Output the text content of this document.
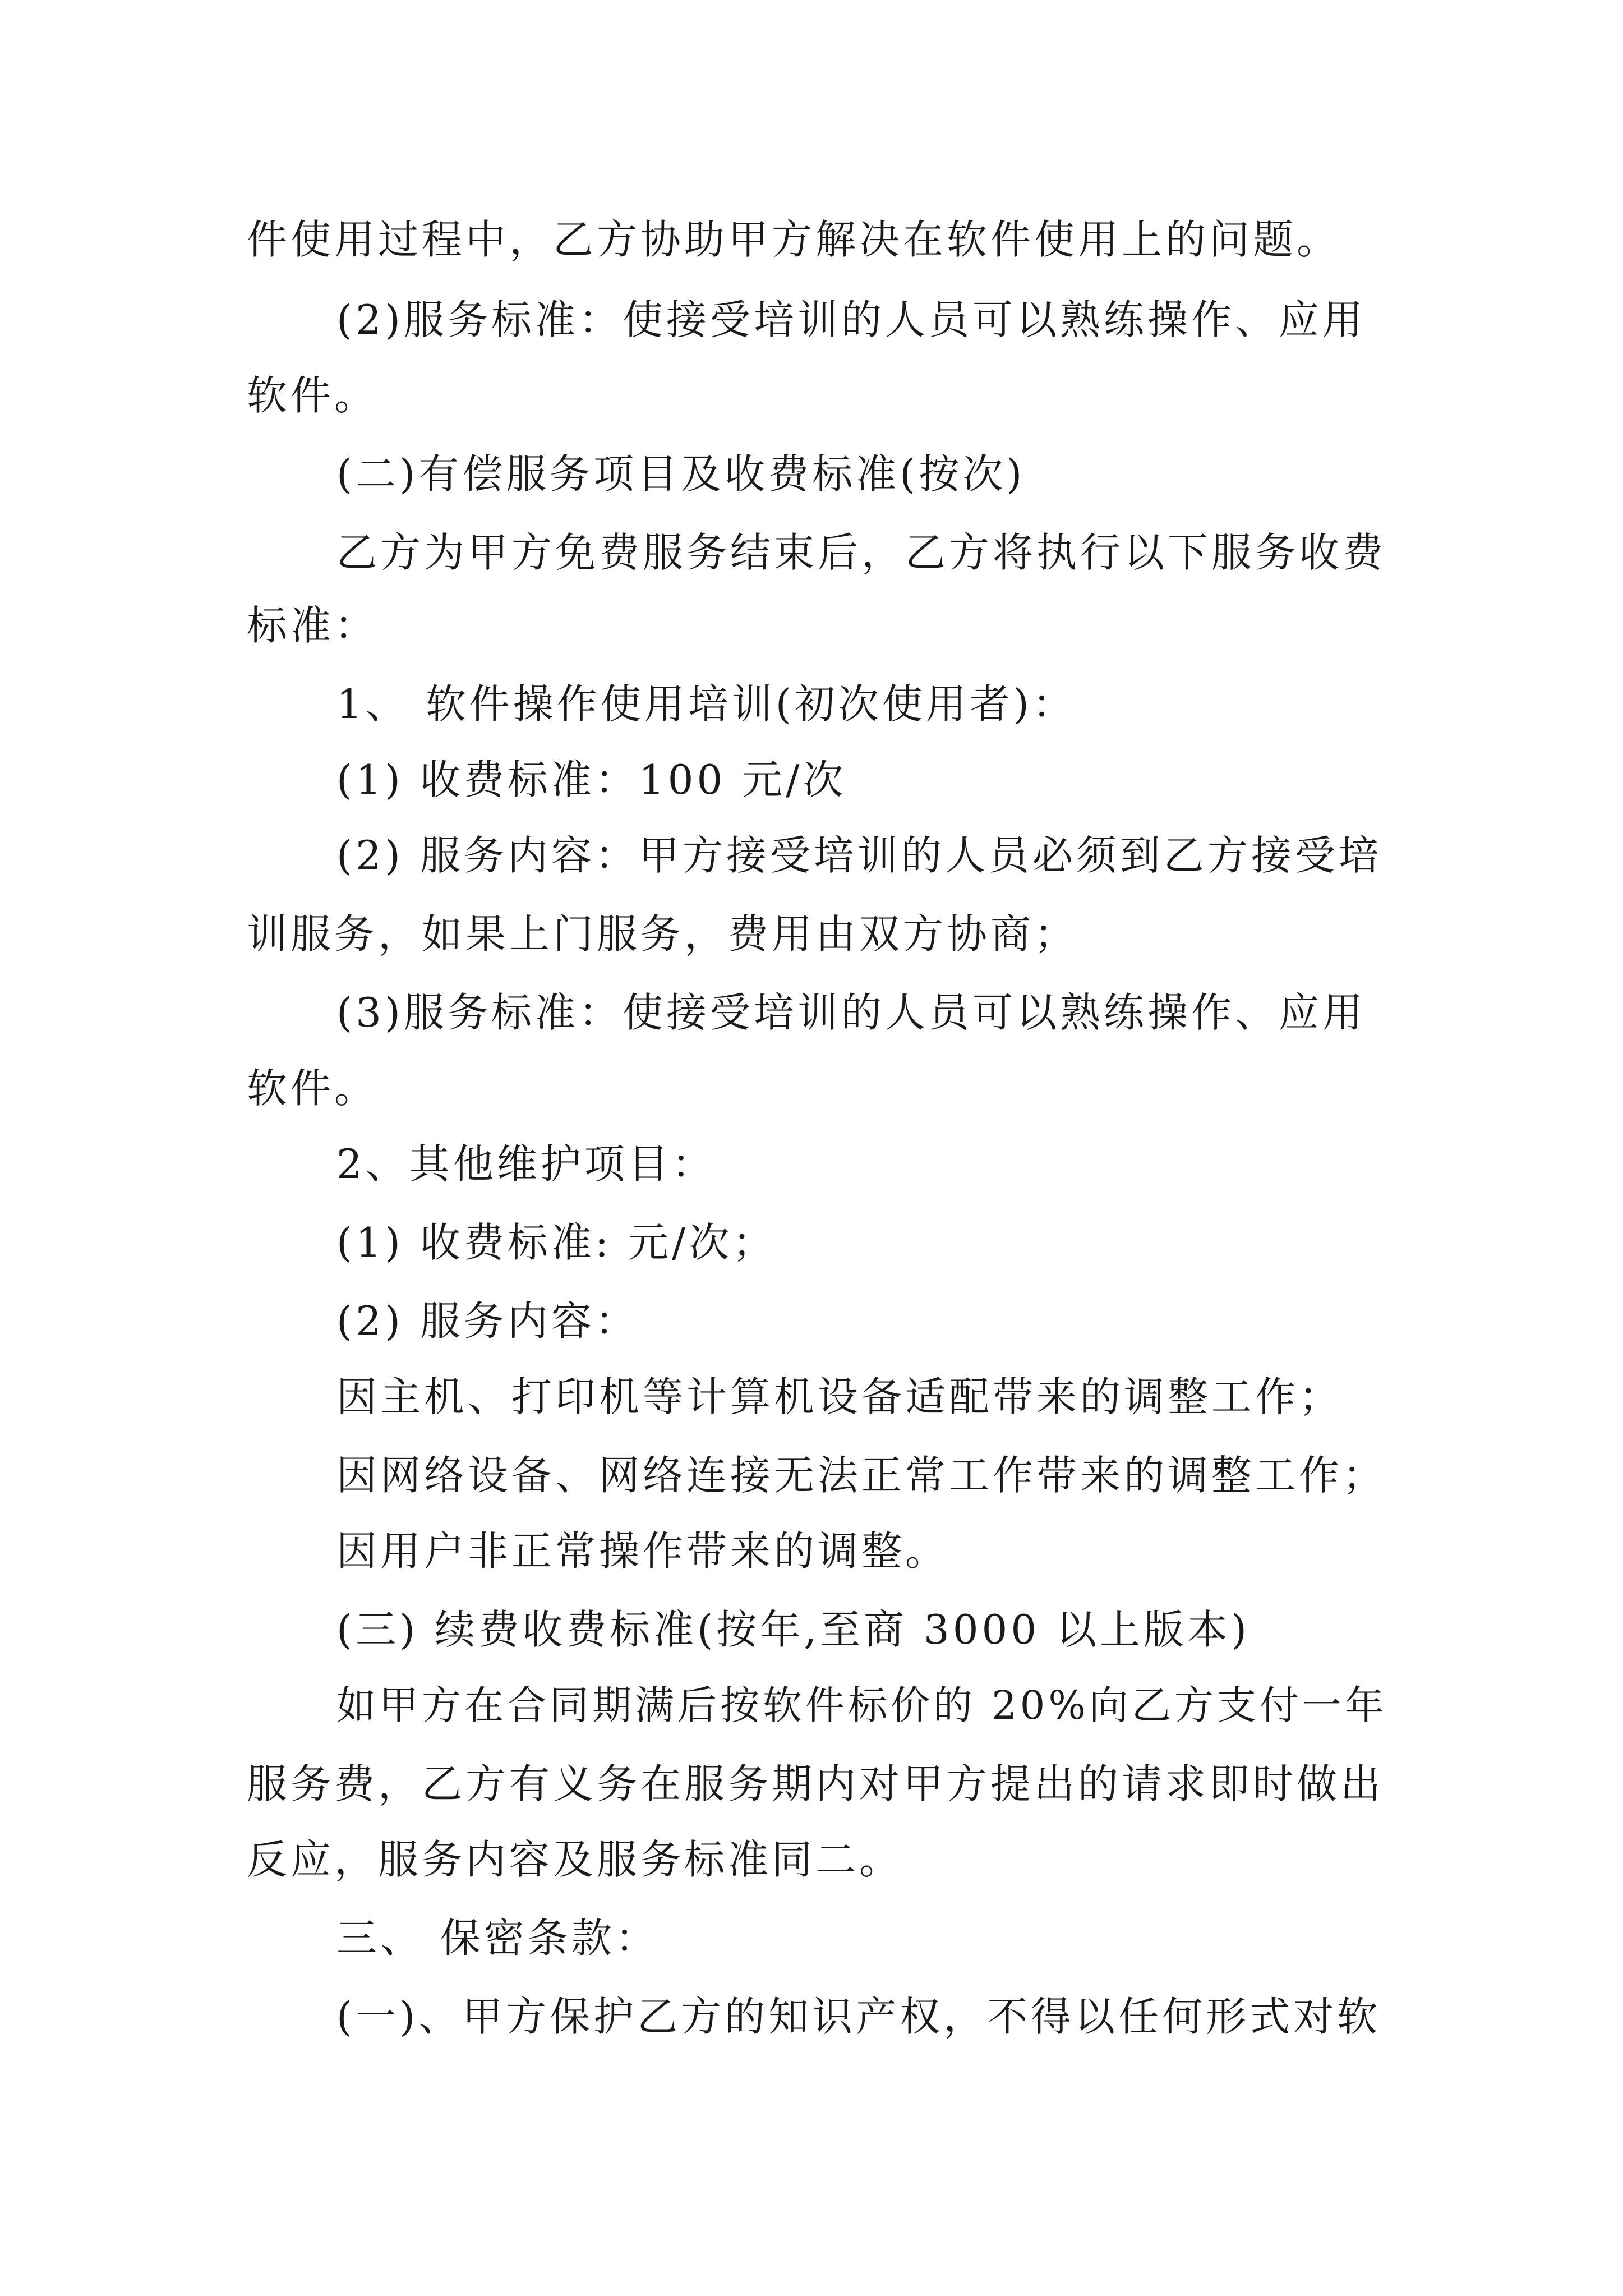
件使用过程中，乙方协助甲方解决在软件使用上的问题。
(2)服务标准：使接受培训的人员可以熟练操作、应用
软件。
(二)有偿服务项目及收费标准(按次)
乙方为甲方免费服务结束后，乙方将执行以下服务收费
标准：
1、 软件操作使用培训(初次使用者)：
(1) 收费标准：100 元/次
(2) 服务内容：甲方接受培训的人员必须到乙方接受培
训服务，如果上门服务，费用由双方协商；
(3)服务标准：使接受培训的人员可以熟练操作、应用
软件。
2、其他维护项目：
(1) 收费标准: 元/次；
(2) 服务内容：
因主机、打印机等计算机设备适配带来的调整工作；
因网络设备、网络连接无法正常工作带来的调整工作；
因用户非正常操作带来的调整。
(三) 续费收费标准(按年,至商 3000 以上版本)
如甲方在合同期满后按软件标价的 20%向乙方支付一年
服务费，乙方有义务在服务期内对甲方提出的请求即时做出
反应，服务内容及服务标准同二。
三、 保密条款：
(一)、甲方保护乙方的知识产权，不得以任何形式对软
